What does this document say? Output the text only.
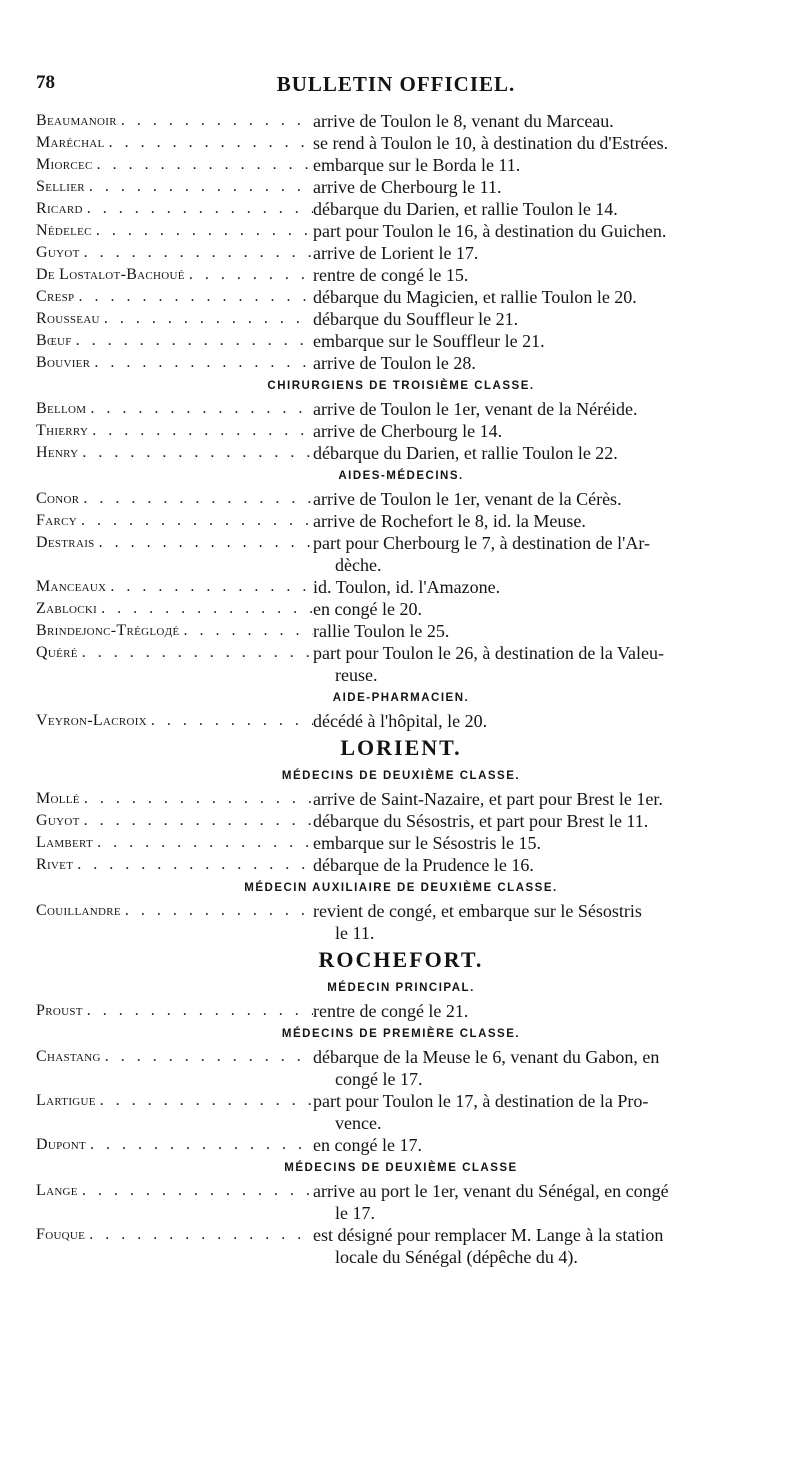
78	BULLETIN OFFICIEL.
Beaumanoir . . .	arrive de Toulon le 8, venant du Marceau.
Maréchal . . .	se rend à Toulon le 10, à destination du d'Estrées.
Miorcec . . .	embarque sur le Borda le 11.
Sellier . . .	arrive de Cherbourg le 11.
Ricard . . .	débarque du Darien, et rallie Toulon le 14.
Nédelec . . .	part pour Toulon le 16, à destination du Guichen.
Guyot . . .	arrive de Lorient le 17.
De Lostalot-Bachoué . . .	rentre de congé le 15.
Cresp . . .	débarque du Magicien, et rallie Toulon le 20.
Rousseau . . .	débarque du Souffleur le 21.
Bœuf . . .	embarque sur le Souffleur le 21.
Bouvier . . .	arrive de Toulon le 28.
CHIRURGIENS DE TROISIÈME CLASSE.
Bellom . . .	arrive de Toulon le 1er, venant de la Néréide.
Thierry . . .	arrive de Cherbourg le 14.
Henry . . .	débarque du Darien, et rallie Toulon le 22.
AIDES-MÉDECINS.
Conor . . .	arrive de Toulon le 1er, venant de la Cérès.
Farcy . . .	arrive de Rochefort le 8, id. la Meuse.
Destrais . . .	part pour Cherbourg le 7, à destination de l'Ar-
dèche.
Manceaux . . .	id. Toulon, id. l'Amazone.
Zablocki . . .	en congé le 20.
Brindejonc-Trégloдé . . .	rallie Toulon le 25.
Quéré . . .	part pour Toulon le 26, à destination de la Valeu-
reuse.
AIDE-PHARMACIEN.
Veyron-Lacroix . . .	décédé à l'hôpital, le 20.
LORIENT.
MÉDECINS DE DEUXIÈME CLASSE.
Mollé . . .	arrive de Saint-Nazaire, et part pour Brest le 1er.
Guyot . . .	débarque du Sésostris, et part pour Brest le 11.
Lambert . . .	embarque sur le Sésostris le 15.
Rivet . . .	débarque de la Prudence le 16.
MÉDECIN AUXILIAIRE DE DEUXIÈME CLASSE.
Couillandre . . .	revient de congé, et embarque sur le Sésostris
le 11.
ROCHEFORT.
MÉDECIN PRINCIPAL.
Proust . . .	rentre de congé le 21.
MÉDECINS DE PREMIÈRE CLASSE.
Chastang . . .	débarque de la Meuse le 6, venant du Gabon, en
congé le 17.
Lartigue . . .	part pour Toulon le 17, à destination de la Pro-
vence.
Dupont . . .	en congé le 17.
MÉDECINS DE DEUXIÈME CLASSE
Lange . . .	arrive au port le 1er, venant du Sénégal, en congé
le 17.
Fouque . . .	est désigné pour remplacer M. Lange à la station
locale du Sénégal (dépêche du 4).
